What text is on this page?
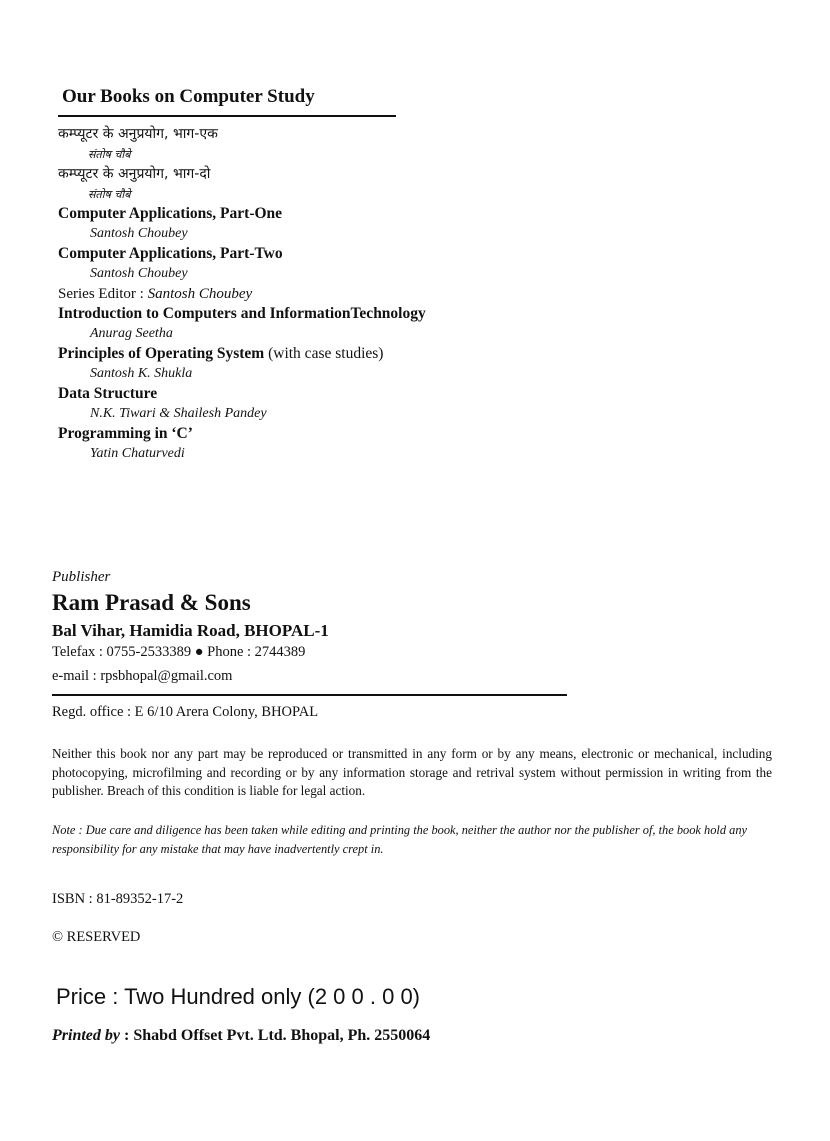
Our Books on Computer Study
कम्प्यूटर के अनुप्रयोग, भाग-एक
संतोष चौबे
कम्प्यूटर के अनुप्रयोग, भाग-दो
संतोष चौबे
Computer Applications, Part-One
Santosh Choubey
Computer Applications, Part-Two
Santosh Choubey
Series Editor : Santosh Choubey
Introduction to Computers and InformationTechnology
Anurag Seetha
Principles of Operating System (with case studies)
Santosh K. Shukla
Data Structure
N.K. Tiwari & Shailesh Pandey
Programming in ‘C’
Yatin Chaturvedi
Publisher
Ram Prasad & Sons
Bal Vihar, Hamidia Road, BHOPAL-1
Telefax : 0755-2533389 ● Phone : 2744389
e-mail : rpsbhopal@gmail.com
Regd. office : E 6/10 Arera Colony, BHOPAL
Neither this book nor any part may be reproduced or transmitted in any form or by any means, electronic or mechanical, including photocopying, microfilming and recording or by any information storage and retrival system without permission in writing from the publisher. Breach of this condition is liable for legal action.
Note : Due care and diligence has been taken while editing and printing the book, neither the author nor the publisher of, the book hold any responsibility for any mistake that may have inadvertently crept in.
ISBN : 81-89352-17-2
© RESERVED
Price : Two Hundred only (2 0 0 . 0 0)
Printed by : Shabd Offset Pvt. Ltd. Bhopal, Ph. 2550064
